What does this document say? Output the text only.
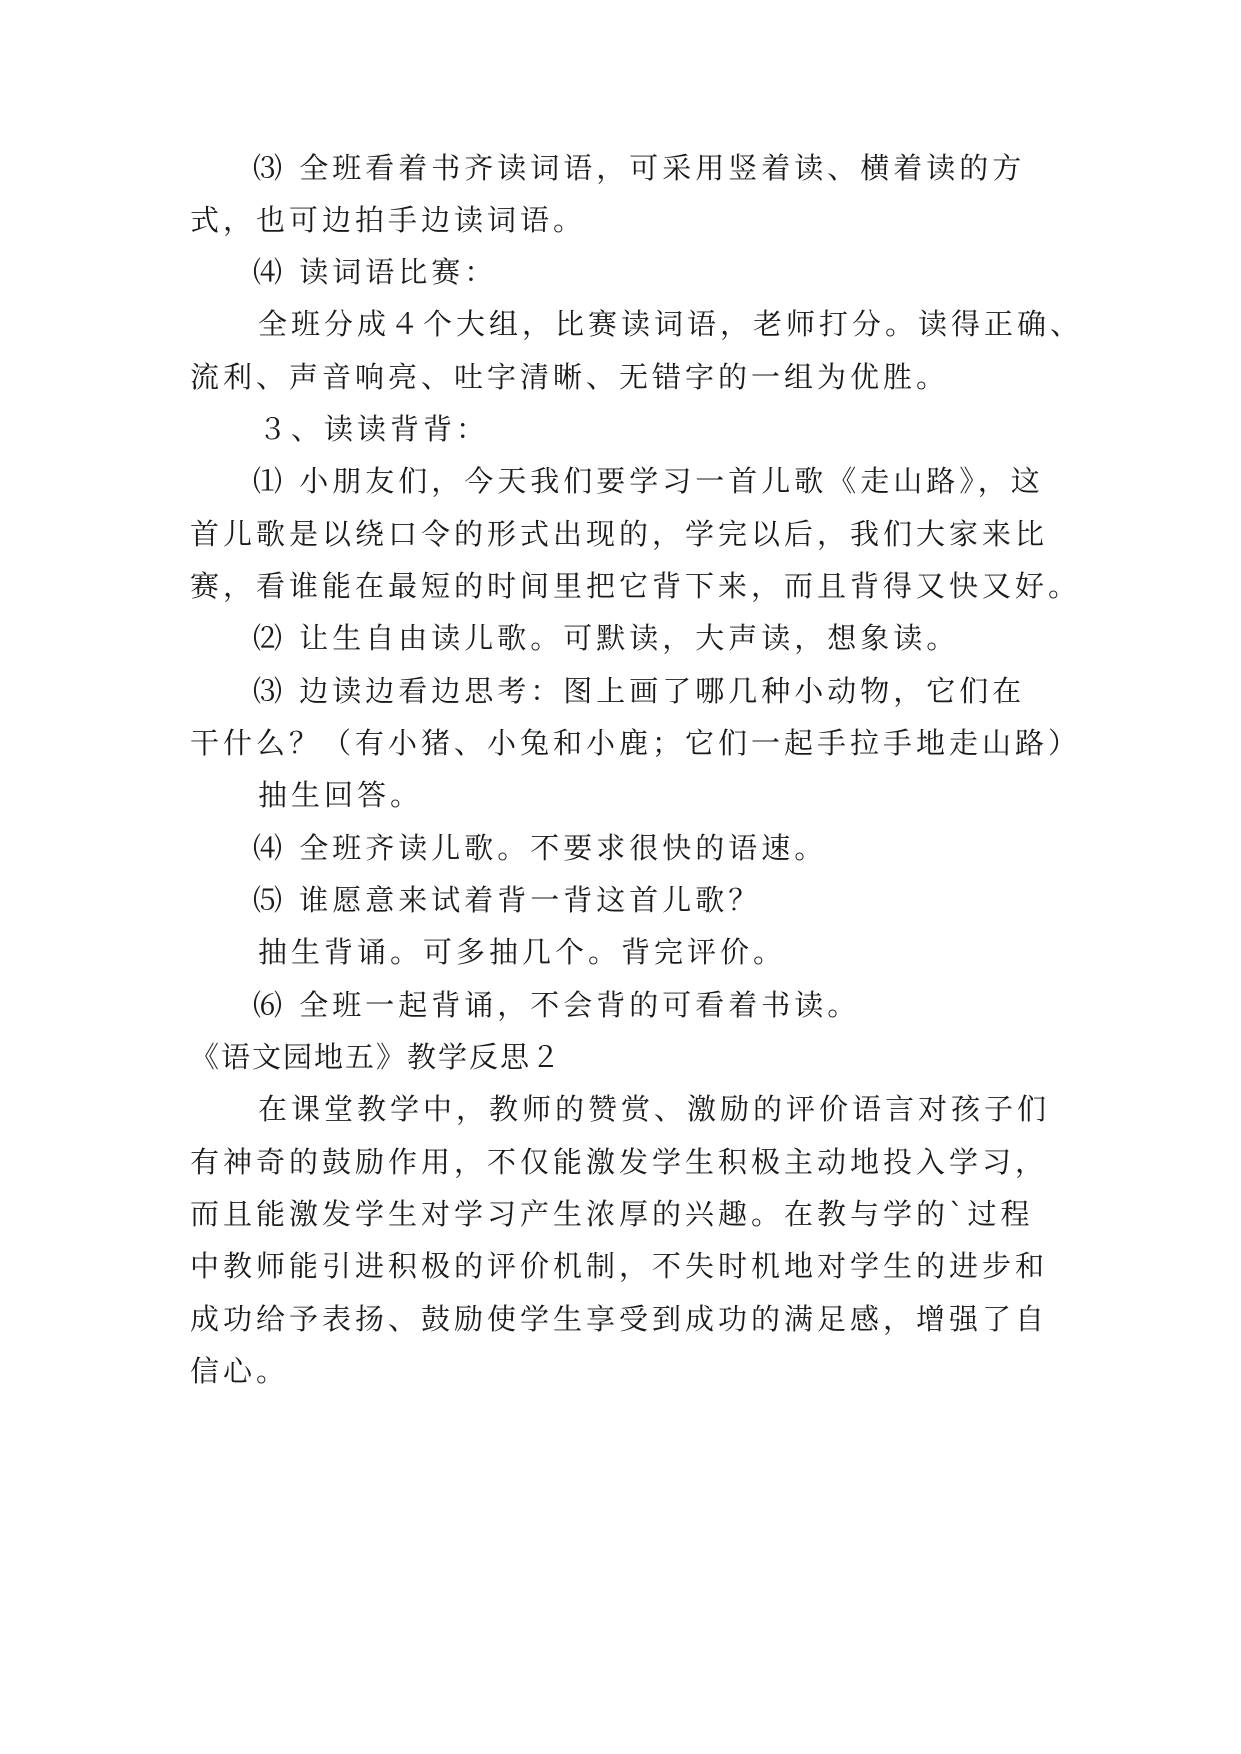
⑶ 全班看着书齐读词语，可采用竖着读、横着读的方
式，也可边拍手边读词语。
⑷ 读词语比赛：
全班分成４个大组，比赛读词语，老师打分。读得正确、
流利、声音响亮、吐字清晰、无错字的一组为优胜。
３、读读背背：
⑴ 小朋友们，今天我们要学习一首儿歌《走山路》，这
首儿歌是以绕口令的形式出现的，学完以后，我们大家来比
赛，看谁能在最短的时间里把它背下来，而且背得又快又好。
⑵ 让生自由读儿歌。可默读，大声读，想象读。
⑶ 边读边看边思考：图上画了哪几种小动物，它们在
干什么？（有小猪、小兔和小鹿；它们一起手拉手地走山路）
抽生回答。
⑷ 全班齐读儿歌。不要求很快的语速。
⑸ 谁愿意来试着背一背这首儿歌？
抽生背诵。可多抽几个。背完评价。
⑹ 全班一起背诵，不会背的可看着书读。
《语文园地五》教学反思２
在课堂教学中，教师的赞赏、激励的评价语言对孩子们
有神奇的鼓励作用，不仅能激发学生积极主动地投入学习，
而且能激发学生对学习产生浓厚的兴趣。在教与学的`过程
中教师能引进积极的评价机制，不失时机地对学生的进步和
成功给予表扬、鼓励使学生享受到成功的满足感，增强了自
信心。
